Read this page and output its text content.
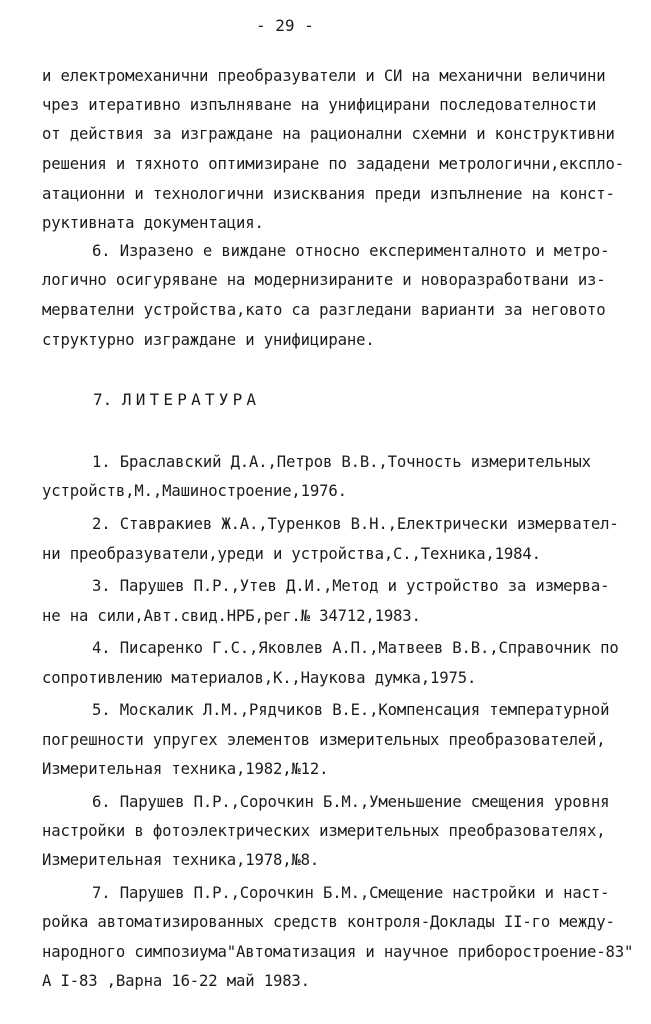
- 29 -
и електромеханични преобразуватели и СИ на механични величини
чрез итеративно изпълняване на унифицирани последователности
от действия за изграждане на рационални схемни и конструктивни
решения и тяхното оптимизиране по зададени метрологични,експло-
атационни и технологични изисквания преди изпълнение на конст-
руктивната документация.
6. Изразено е виждане относно експерименталното и метро-
логично осигуряване на модернизираните и новоразработвани из-
мервателни устройства,като са разгледани варианти за неговото
структурно изграждане и унифициране.
7. ЛИТЕРАТУРА
1. Браславский Д.А.,Петров В.В.,Точность измерительных
устройств,М.,Машиностроение,1976.
2. Ставракиев Ж.А.,Туренков В.Н.,Електрически измервател-
ни преобразуватели,уреди и устройства,С.,Техника,1984.
3. Парушев П.Р.,Утев Д.И.,Метод и устройство за измерва-
не на сили,Авт.свид.НРБ,рег.№ 34712,1983.
4. Писаренко Г.С.,Яковлев А.П.,Матвеев В.В.,Справочник по
сопротивлению материалов,К.,Наукова думка,1975.
5. Москалик Л.М.,Рядчиков В.Е.,Компенсация температурной
погрешности упругех элементов измерительных преобразователей,
Измерительная техника,1982,№12.
6. Парушев П.Р.,Сорочкин Б.М.,Уменьшение смещения уровня
настройки в фотоэлектрических измерительных преобразователях,
Измерительная техника,1978,№8.
7. Парушев П.Р.,Сорочкин Б.М.,Смещение настройки и наст-
ройка автоматизированных средств контроля-Доклады II-го между-
народного симпозиума"Автоматизация и научное приборостроение-83"
А I-83 ,Варна 16-22 май 1983.
